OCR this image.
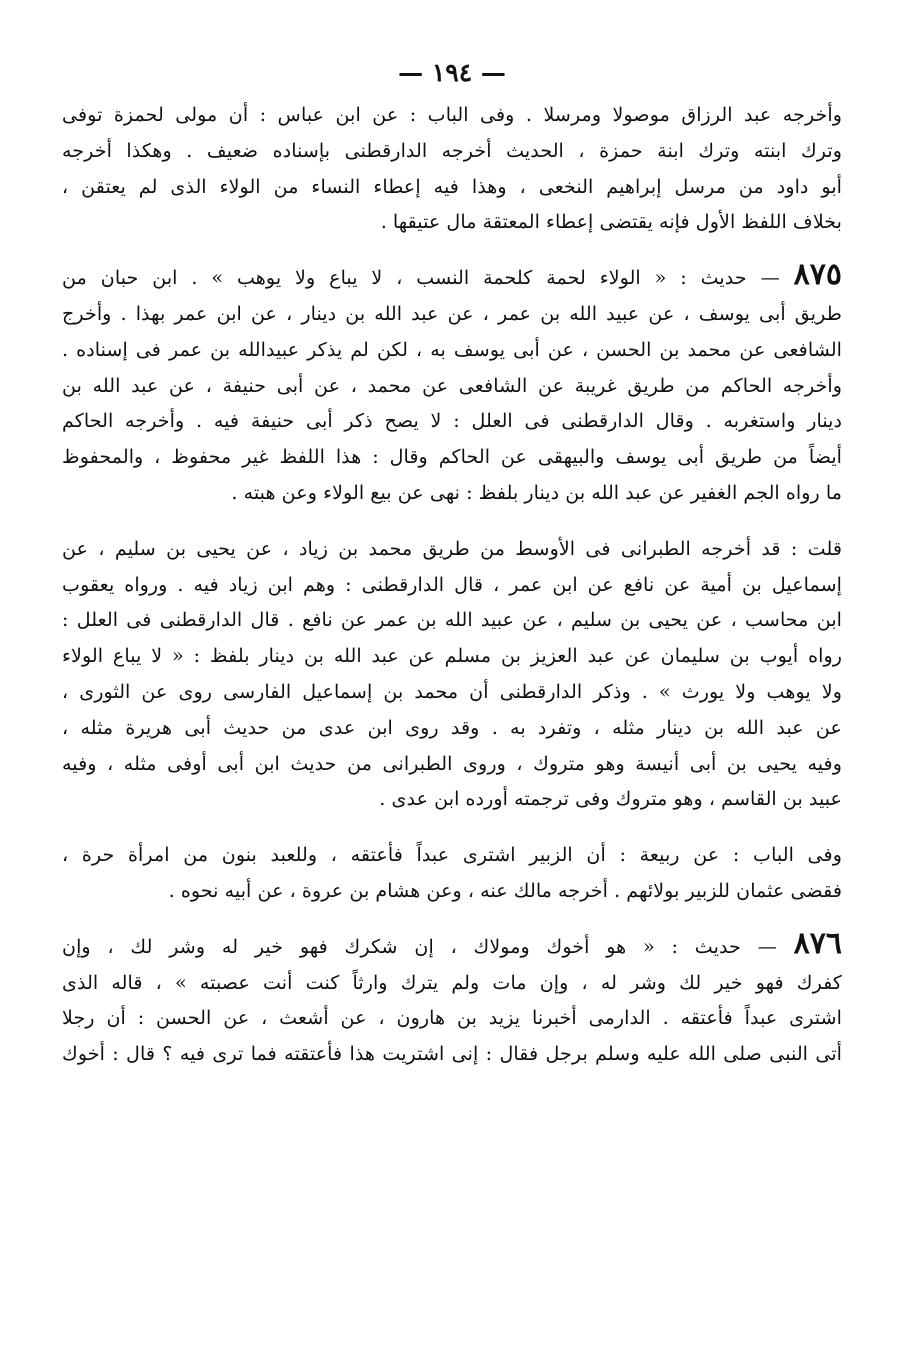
— ١٩٤ —
وأخرجه عبد الرزاق موصولا ومرسلا . وفى الباب : عن ابن عباس : أن مولى لحمزة توفى
وترك ابنته وترك ابنة حمزة ، الحديث أخرجه الدارقطنى بإسناده ضعيف . وهكذا أخرجه
أبو داود من مرسل إبراهيم النخعى ، وهذا فيه إعطاء النساء من الولاء الذى لم يعتقن ،
بخلاف اللفظ الأول فإنه يقتضى إعطاء المعتقة مال عتيقها .
٨٧٥ — حديث : « الولاء لحمة كلحمة النسب ، لا يباع ولا يوهب » . ابن حبان من
طريق أبى يوسف ، عن عبيد الله بن عمر ، عن عبد الله بن دينار ، عن ابن عمر بهذا . وأخرج
الشافعى عن محمد بن الحسن ، عن أبى يوسف به ، لكن لم يذكر عبيدالله بن عمر فى إسناده .
وأخرجه الحاكم من طريق غريبة عن الشافعى عن محمد ، عن أبى حنيفة ، عن عبد الله بن
دينار واستغربه . وقال الدارقطنى فى العلل : لا يصح ذكر أبى حنيفة فيه . وأخرجه الحاكم
أيضاً من طريق أبى يوسف والبيهقى عن الحاكم وقال : هذا اللفظ غير محفوظ ، والمحفوظ
ما رواه الجم الغفير عن عبد الله بن دينار بلفظ : نهى عن بيع الولاء وعن هبته .
قلت : قد أخرجه الطبرانى فى الأوسط من طريق محمد بن زياد ، عن يحيى بن سليم ، عن
إسماعيل بن أمية عن نافع عن ابن عمر ، قال الدارقطنى : وهم ابن زياد فيه . ورواه يعقوب
ابن محاسب ، عن يحيى بن سليم ، عن عبيد الله بن عمر عن نافع . قال الدارقطنى فى العلل :
رواه أيوب بن سليمان عن عبد العزيز بن مسلم عن عبد الله بن دينار بلفظ : « لا يباع الولاء
ولا يوهب ولا يورث » . وذكر الدارقطنى أن محمد بن إسماعيل الفارسى روى عن الثورى ،
عن عبد الله بن دينار مثله ، وتفرد به . وقد روى ابن عدى من حديث أبى هريرة مثله ،
وفيه يحيى بن أبى أنيسة وهو متروك ، وروى الطبرانى من حديث ابن أبى أوفى مثله ، وفيه
عبيد بن القاسم ، وهو متروك وفى ترجمته أورده ابن عدى .
وفى الباب : عن ربيعة : أن الزبير اشترى عبداً فأعتقه ، وللعبد بنون من امرأة حرة ،
فقضى عثمان للزبير بولائهم . أخرجه مالك عنه ، وعن هشام بن عروة ، عن أبيه نحوه .
٨٧٦ — حديث : « هو أخوك ومولاك ، إن شكرك فهو خير له وشر لك ، وإن
كفرك فهو خير لك وشر له ، وإن مات ولم يترك وارثاً كنت أنت عصبته » ، قاله الذى
اشترى عبداً فأعتقه . الدارمى أخبرنا يزيد بن هارون ، عن أشعث ، عن الحسن : أن رجلا
أتى النبى صلى الله عليه وسلم برجل فقال : إنى اشتريت هذا فأعتقته فما ترى فيه ؟ قال : أخوك
